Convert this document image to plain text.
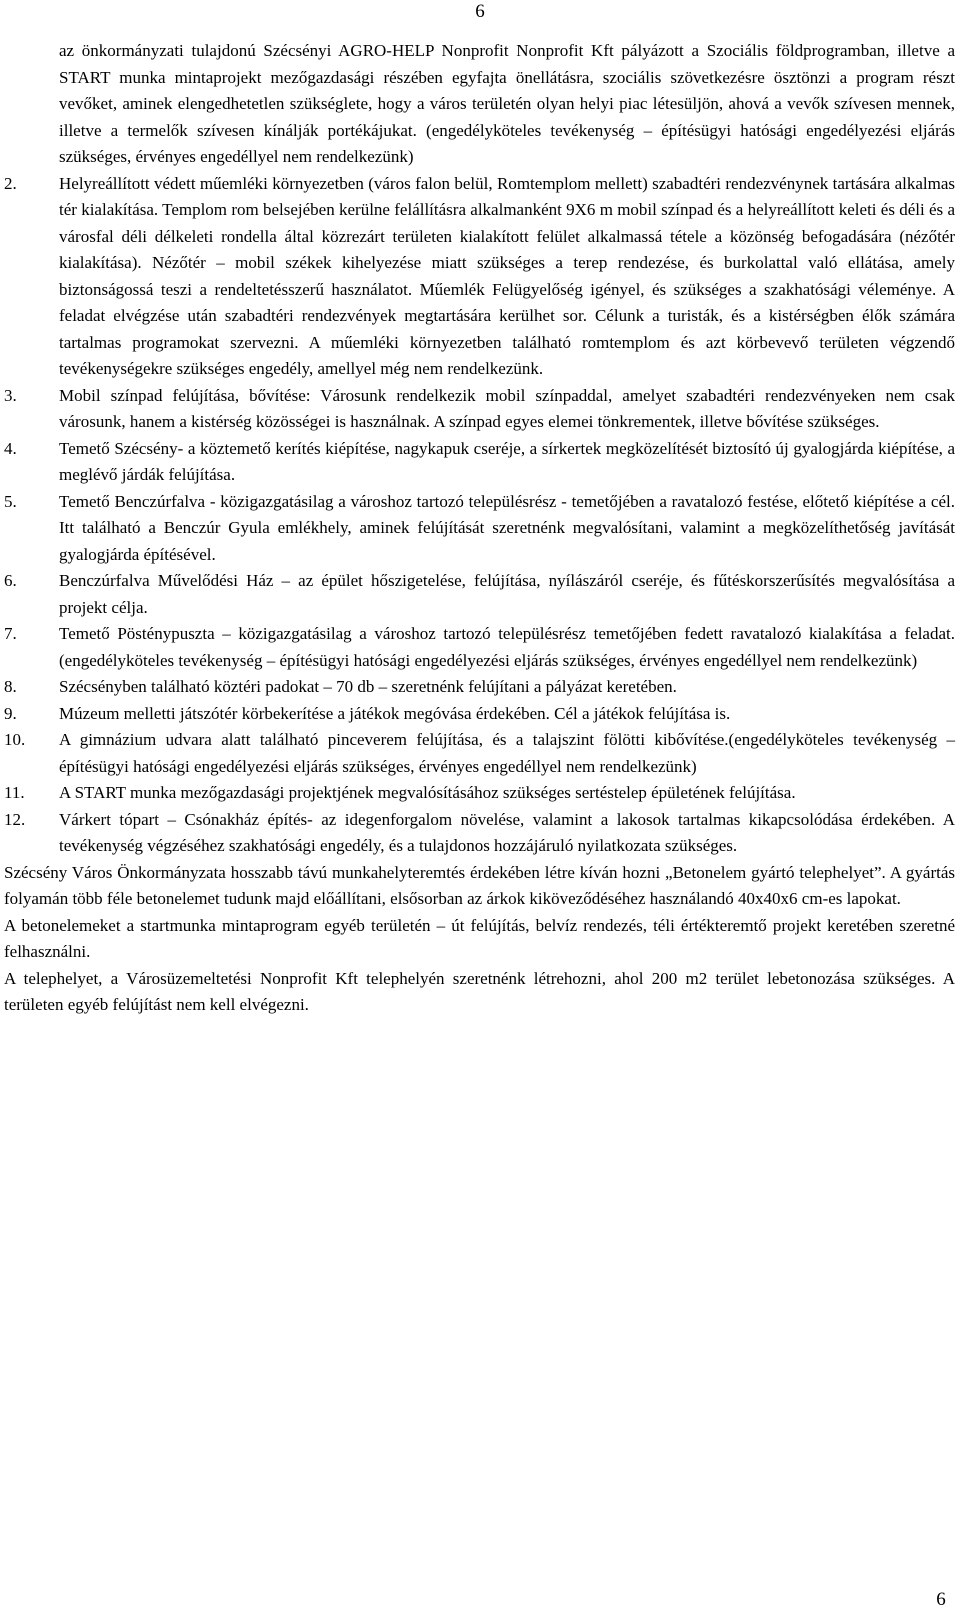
6
az önkormányzati tulajdonú Szécsényi AGRO-HELP Nonprofit Nonprofit Kft pályázott a Szociális földprogramban, illetve a START munka mintaprojekt mezőgazdasági részében egyfajta önellátásra, szociális szövetkezésre ösztönzi a program részt vevőket, aminek elengedhetetlen szükséglete, hogy a város területén olyan helyi piac létesüljön, ahová a vevők szívesen mennek, illetve a termelők szívesen kínálják portékájukat. (engedélyköteles tevékenység – építésügyi hatósági engedélyezési eljárás szükséges, érvényes engedéllyel nem rendelkezünk)
2. Helyreállított védett műemléki környezetben (város falon belül, Romtemplom mellett) szabadtéri rendezvénynek tartására alkalmas tér kialakítása. Templom rom belsejében kerülne felállításra alkalmanként 9X6 m mobil színpad és a helyreállított keleti és déli és a városfal déli délkeleti rondella által közrezárt területen kialakított felület alkalmassá tétele a közönség befogadására (nézőtér kialakítása). Nézőtér – mobil székek kihelyezése miatt szükséges a terep rendezése, és burkolattal való ellátása, amely biztonságossá teszi a rendeltetésszerű használatot. Műemlék Felügyelőség igényel, és szükséges a szakhatósági véleménye. A feladat elvégzése után szabadtéri rendezvények megtartására kerülhet sor. Célunk a turisták, és a kistérségben élők számára tartalmas programokat szervezni. A műemléki környezetben található romtemplom és azt körbevevő területen végzendő tevékenységekre szükséges engedély, amellyel még nem rendelkezünk.
3. Mobil színpad felújítása, bővítése: Városunk rendelkezik mobil színpaddal, amelyet szabadtéri rendezvényeken nem csak városunk, hanem a kistérség közösségei is használnak. A színpad egyes elemei tönkrementek, illetve bővítése szükséges.
4. Temető Szécsény- a köztemető kerítés kiépítése, nagykapuk cseréje, a sírkertek megközelítését biztosító új gyalogjárda kiépítése, a meglévő járdák felújítása.
5. Temető Benczúrfalva - közigazgatásilag a városhoz tartozó településrész - temetőjében a ravatalozó festése, előtető kiépítése a cél. Itt található a Benczúr Gyula emlékhely, aminek felújítását szeretnénk megvalósítani, valamint a megközelíthetőség javítását gyalogjárda építésével.
6. Benczúrfalva Művelődési Ház – az épület hőszigetelése, felújítása, nyílászáról cseréje, és fűtéskorszerűsítés megvalósítása a projekt célja.
7. Temető Pösténypuszta – közigazgatásilag a városhoz tartozó településrész temetőjében fedett ravatalozó kialakítása a feladat.(engedélyköteles tevékenység – építésügyi hatósági engedélyezési eljárás szükséges, érvényes engedéllyel nem rendelkezünk)
8. Szécsényben található köztéri padokat – 70 db – szeretnénk felújítani a pályázat keretében.
9. Múzeum melletti játszótér körbekerítése a játékok megóvása érdekében. Cél a játékok felújítása is.
10. A gimnázium udvara alatt található pinceverem felújítása, és a talajszint fölötti kibővítése.(engedélyköteles tevékenység – építésügyi hatósági engedélyezési eljárás szükséges, érvényes engedéllyel nem rendelkezünk)
11. A START munka mezőgazdasági projektjének megvalósításához szükséges sertéstelep épületének felújítása.
12. Várkert tópart – Csónakház építés- az idegenforgalom növelése, valamint a lakosok tartalmas kikapcsolódása érdekében. A tevékenység végzéséhez szakhatósági engedély, és a tulajdonos hozzájáruló nyilatkozata szükséges.

Szécsény Város Önkormányzata hosszabb távú munkahelyteremtés érdekében létre kíván hozni „Betonelem gyártó telephelyet”. A gyártás folyamán több féle betonelemet tudunk majd előállítani, elsősorban az árkok kiköveződéséhez használandó 40x40x6 cm-es lapokat.

A betonelemeket a startmunka mintaprogram egyéb területén – út felújítás, belvíz rendezés, téli értékteremtő projekt keretében szeretné felhasználni.

A telephelyet, a Városüzemeltetési Nonprofit Kft telephelyén szeretnénk létrehozni, ahol 200 m2 terület lebetonozása szükséges. A területen egyéb felújítást nem kell elvégezni.

6
